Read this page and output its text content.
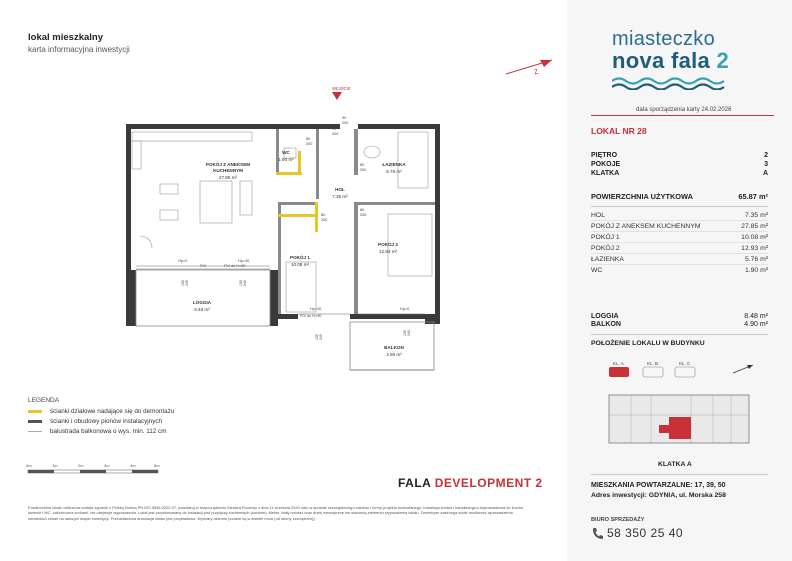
lokal mieszkalny
karta informacyjna inwestycji
Z
miasteczko
nova fala 2
data sporządzenia karty 24.02.2026
LOKAL NR 28
PIĘTRO	2
POKOJE	3
KLATKA	A
POWIERZCHNIA UŻYTKOWA	65.87 m²
HOL	7.35 m²
POKÓJ Z ANEKSEM KUCHENNYM	27.85 m²
POKÓJ 1	10.08 m²
POKÓJ 2	12.93 m²
ŁAZIENKA	5.76 m²
WC	1.90 m²
LOGGIA	8.48 m²
BALKON	4.90 m²
POŁOŻENIE LOKALU W BUDYNKU
KL. A	KL. B	KL. C
KLATKA A
MIESZKANIA POWTARZALNE: 17, 39, 50
Adres inwestycji: GDYNIA, ul. Morska 258
BIURO SPRZEDAŻY
58 350 25 40
WEJŚCIE
POKÓJ Z ANEKSEM
KUCHENNYM
27.85 m²
WC
1.90 m²
ŁAZIENKA
5.76 m²
HOL
7.35 m²
POKÓJ 1
10.08 m²
POKÓJ 2
12.93 m²
LOGGIA
8.48 m²
BALKON
4.90 m²
80
200
90
200
80
200
80
200
80
200
90
200
Hp=0
FIX
Hp=30
FIX do H=90
Hp=30
FIX do H=90
Hp=0
155 245	155 245
155 245
155 245
LEGENDA
ścianki działowe nadające się do demontażu
ścianki i obudowy pionów instalacyjnych
balustrada balkonowa o wys. min. 112 cm
0m	1m	2m	3m	4m	5m
FALA DEVELOPMENT 2
Powierzchnia lokalu obliczona została zgodnie z Polską Normą PN ISO 9836:2022-07, powołaną w rozporządzeniu Ministra Rozwoju z dnia 11 września 2020 roku w sprawie szczegółowego zakresu i formy projektu budowlanego. Instalacja wodna i kanalizacyjna doprowadzona do kuchni, łazienki i WC, zakończona korkami, nie obejmuje wyposażenia. Lokal jest przystosowany do instalacji pod przyłączy kuchennych (kuchnie). Meble, biały montaż oraz drzwi wewnętrzne nie stanowią elementu wyposażenia lokalu. Deweloper zastrzega sobie możliwość wprowadzenia niewielkich zmian na dalszym etapie inwestycji. Przedstawiona aranżacja lokalu jest przykładowa. Wymiary okienne podane są w świetle muru (od strony zewnętrznej).
